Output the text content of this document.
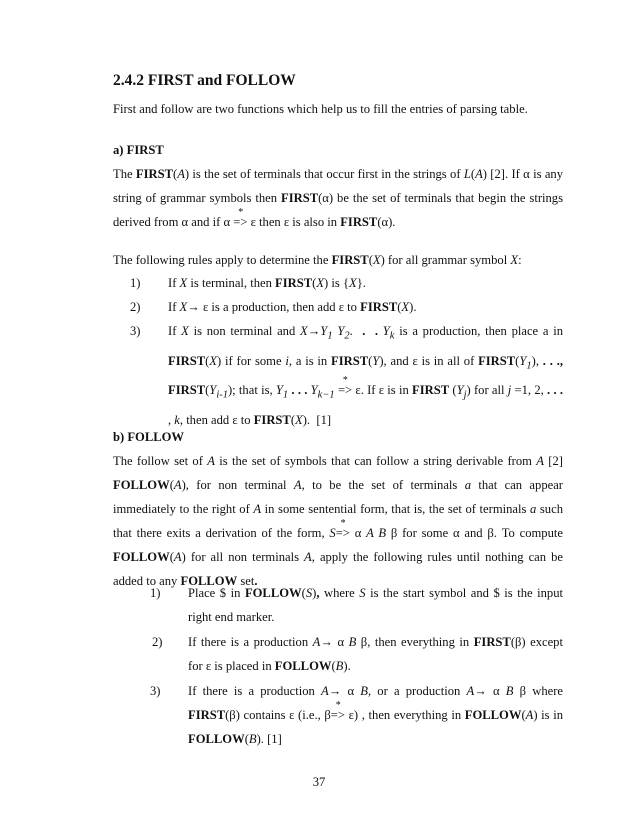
2.4.2 FIRST and FOLLOW
First and follow are two functions which help us to fill the entries of parsing table.
a) FIRST
The FIRST(A) is the set of terminals that occur first in the strings of L(A) [2]. If α is any string of grammar symbols then FIRST(α) be the set of terminals that begin the strings derived from α and if α * => ε then ε is also in FIRST(α).
The following rules apply to determine the FIRST(X) for all grammar symbol X:
1) If X is terminal, then FIRST(X) is {X}.
2) If X→ ε is a production, then add ε to FIRST(X).
3) If X is non terminal and $X\to Y_1$ $Y_2$.  . . $Y_k$ is a production, then place a in FIRST(X) if for some i, a is in FIRST(Y), and ε is in all of $FIRST(Y_1)$, . . ., $FIRST(Y_{i-1})$; that is, $Y_1$ . . . $Y_{k-1}$ * => ε. If ε is in FIRST $(Y_j)$ for all j =1, 2, . . . , k, then add ε to FIRST(X).  [1]
b) FOLLOW
The follow set of A is the set of symbols that can follow a string derivable from A [2] FOLLOW(A), for non terminal A, to be the set of terminals a that can appear immediately to the right of A in some sentential form, that is, the set of terminals a such that there exits a derivation of the form, S* => α A B β for some α and β. To compute FOLLOW(A) for all non terminals A, apply the following rules until nothing can be added to any FOLLOW set.
1) Place $ in FOLLOW(S), where S is the start symbol and $ is the input right end marker.
2) If there is a production A→ α B β, then everything in FIRST(β) except for ε is placed in FOLLOW(B).
3) If there is a production A→ α B, or a production A→ α B β where FIRST(β) contains ε (i.e., β* => ε) , then everything in FOLLOW(A) is in FOLLOW(B). [1]
37
